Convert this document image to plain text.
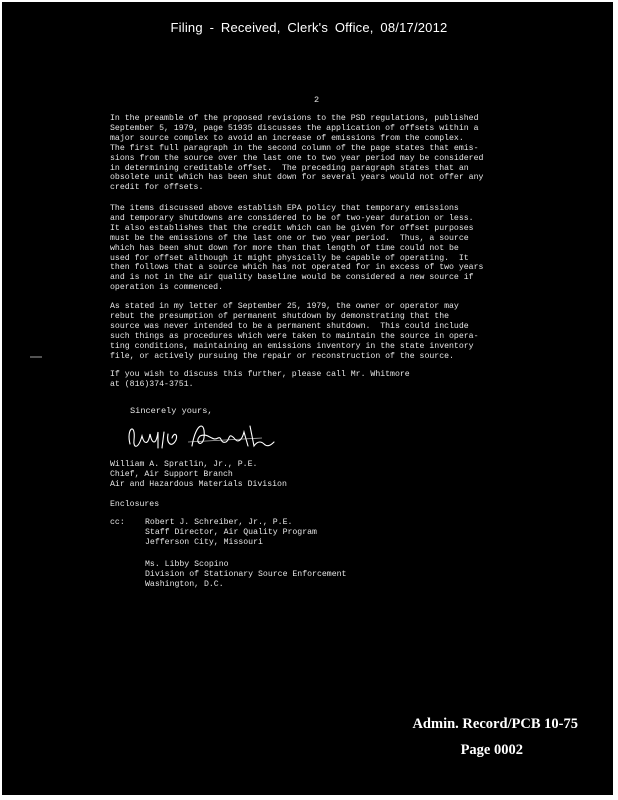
Filing - Received, Clerk's Office, 08/17/2012
2
In the preamble of the proposed revisions to the PSD regulations, published
September 5, 1979, page 51935 discusses the application of offsets within a
major source complex to avoid an increase of emissions from the complex.
The first full paragraph in the second column of the page states that emis-
sions from the source over the last one to two year period may be considered
in determining creditable offset.  The preceding paragraph states that an
obsolete unit which has been shut down for several years would not offer any
credit for offsets.
The items discussed above establish EPA policy that temporary emissions
and temporary shutdowns are considered to be of two-year duration or less.
It also establishes that the credit which can be given for offset purposes
must be the emissions of the last one or two year period.  Thus, a source
which has been shut down for more than that length of time could not be
used for offset although it might physically be capable of operating.  It
then follows that a source which has not operated for in excess of two years
and is not in the air quality baseline would be considered a new source if
operation is commenced.
As stated in my letter of September 25, 1979, the owner or operator may
rebut the presumption of permanent shutdown by demonstrating that the
source was never intended to be a permanent shutdown.  This could include
such things as procedures which were taken to maintain the source in opera-
ting conditions, maintaining an emissions inventory in the state inventory
file, or actively pursuing the repair or reconstruction of the source.
If you wish to discuss this further, please call Mr. Whitmore
at (816)374-3751.
Sincerely yours,
William A. Spratlin, Jr., P.E.
Chief, Air Support Branch
Air and Hazardous Materials Division
Enclosures
cc: Robert J. Schreiber, Jr., P.E.
Staff Director, Air Quality Program
Jefferson City, Missouri
Ms. Libby Scopino
Division of Stationary Source Enforcement
Washington, D.C.
Admin. Record/PCB 10-75
Page 0002
